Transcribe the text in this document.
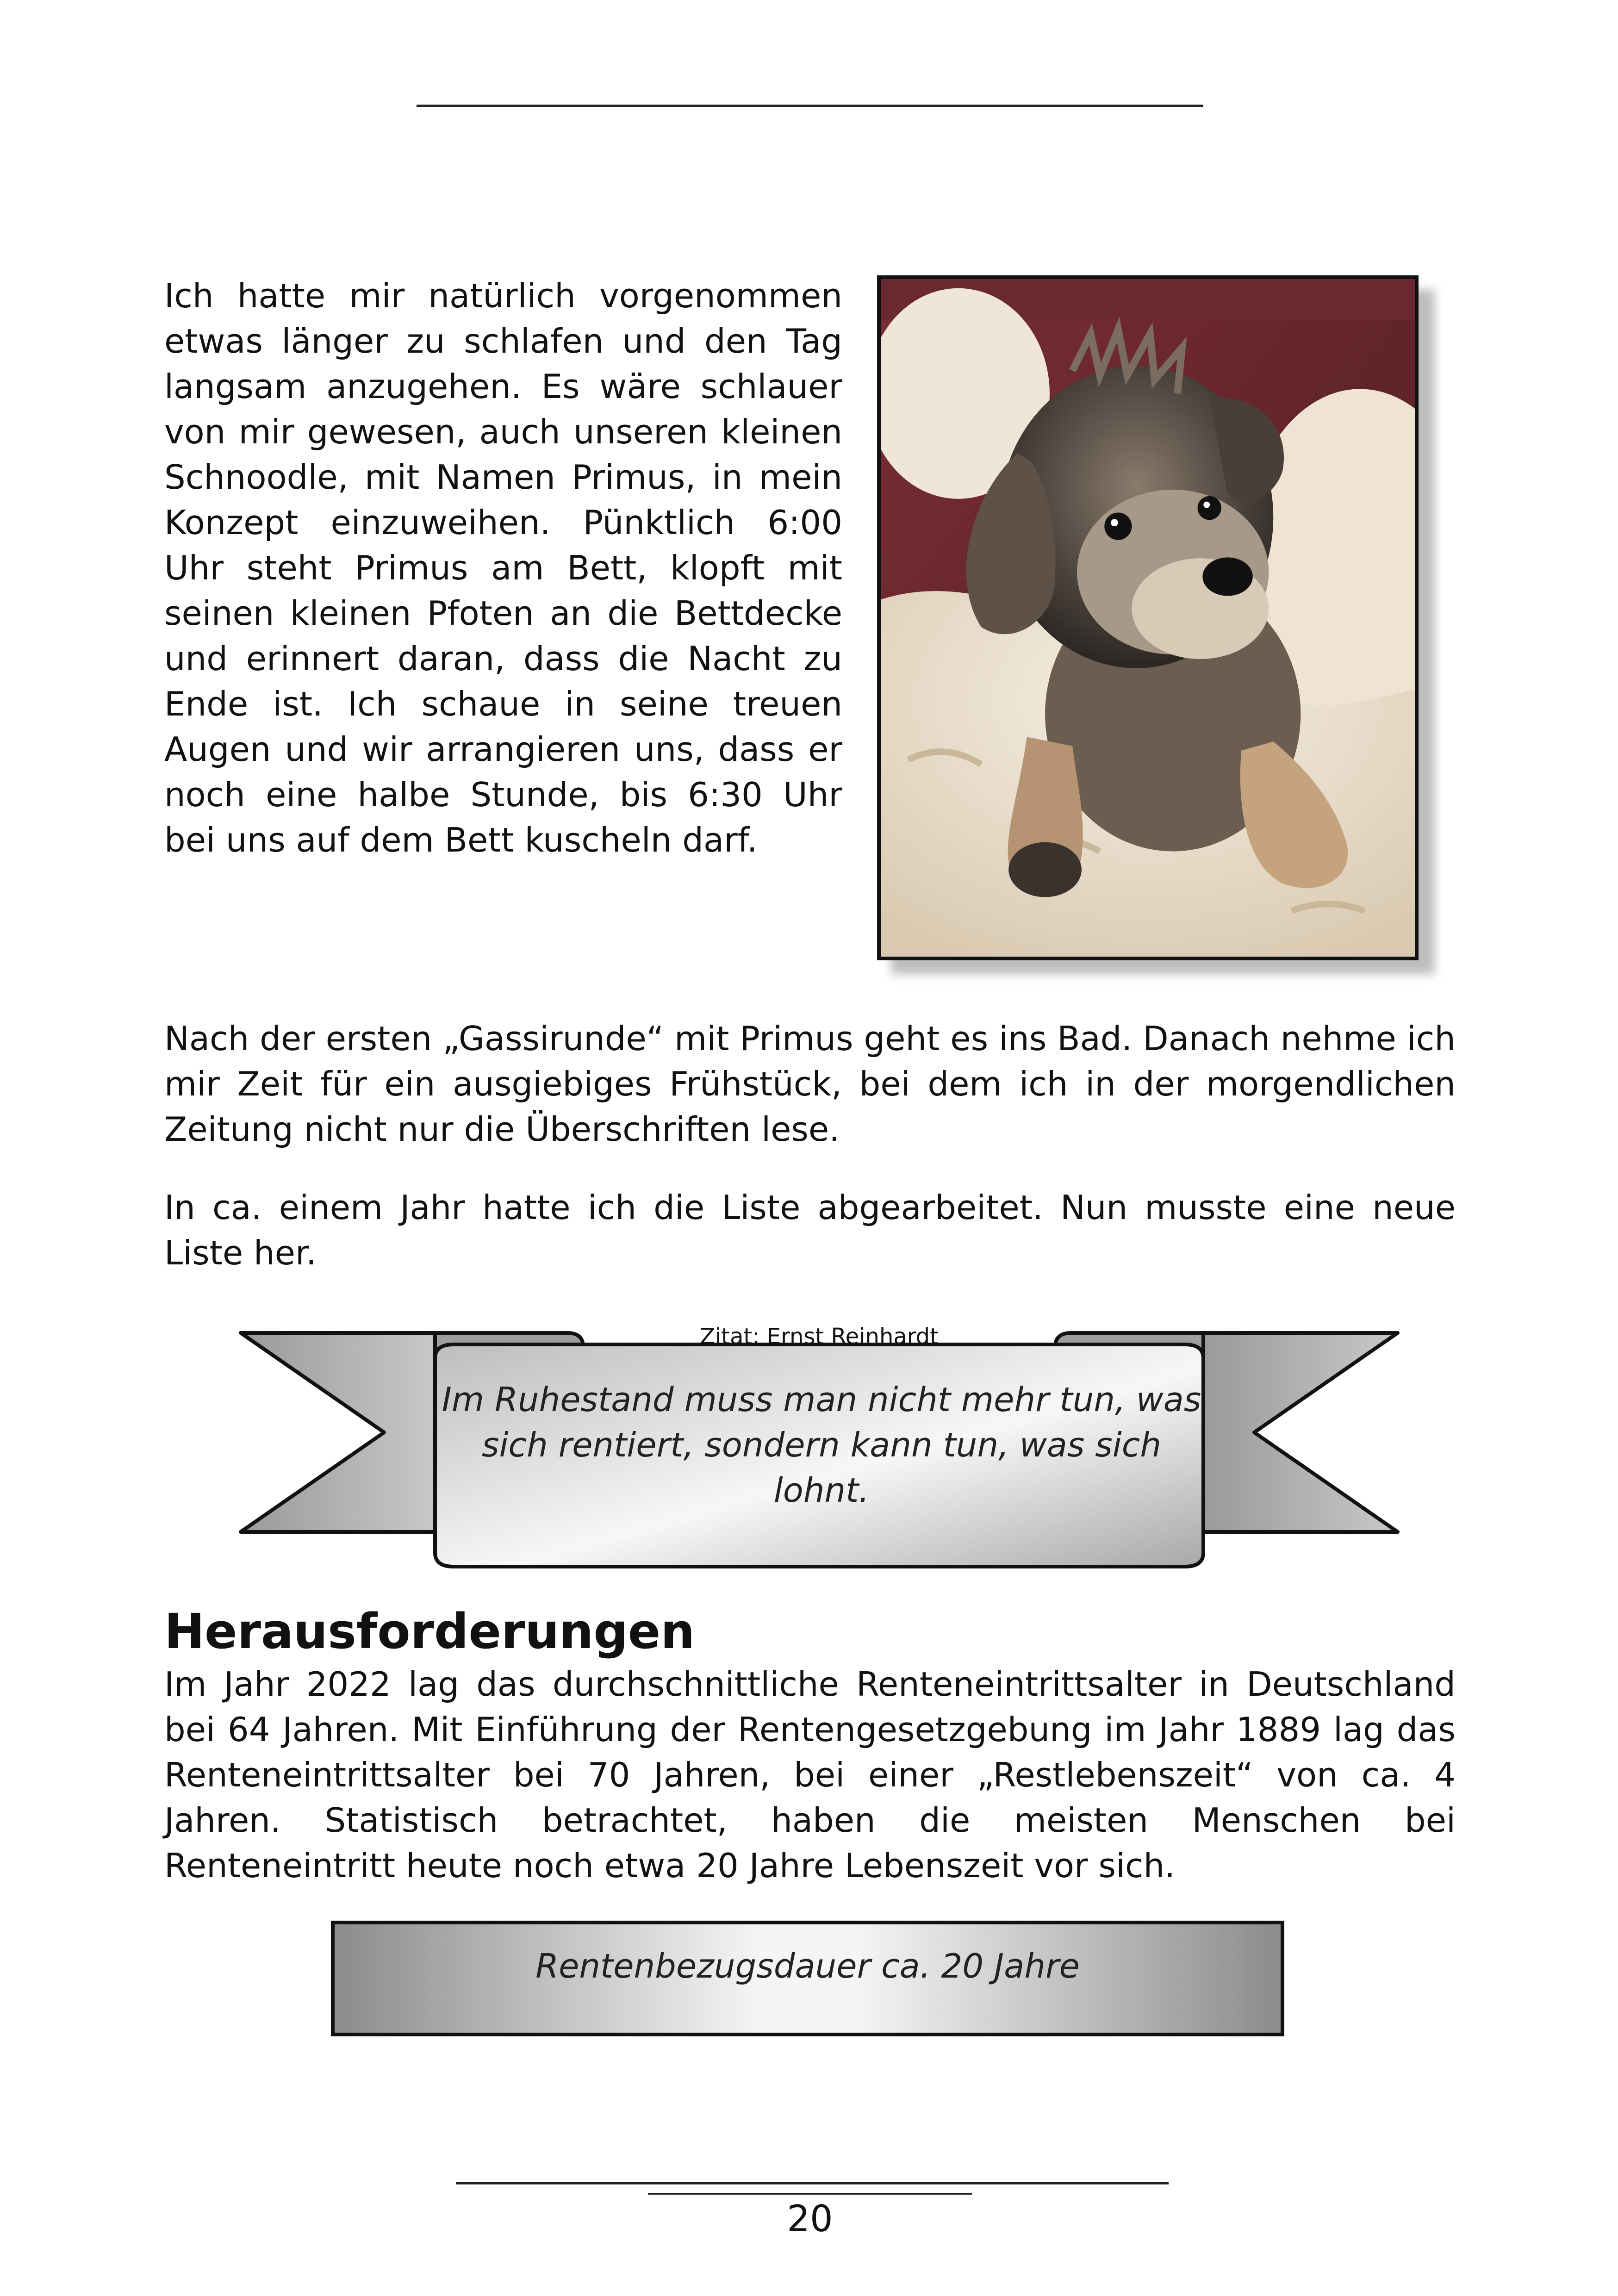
Ich hatte mir natürlich vorgenommen etwas länger zu schlafen und den Tag langsam anzugehen. Es wäre schlauer von mir gewesen, auch unseren kleinen Schnoodle, mit Namen Primus, in mein Konzept einzuweihen. Pünktlich 6:00 Uhr steht Primus am Bett, klopft mit seinen kleinen Pfoten an die Bettdecke und erinnert daran, dass die Nacht zu Ende ist. Ich schaue in seine treuen Augen und wir arrangieren uns, dass er noch eine halbe Stunde, bis 6:30 Uhr bei uns auf dem Bett kuscheln darf.

Nach der ersten „Gassirunde“ mit Primus geht es ins Bad. Danach nehme ich mir Zeit für ein ausgiebiges Frühstück, bei dem ich in der morgendlichen Zeitung nicht nur die Überschriften lese.

In ca. einem Jahr hatte ich die Liste abgearbeitet. Nun musste eine neue Liste her.

Zitat: Ernst Reinhardt
Im Ruhestand muss man nicht mehr tun, was sich rentiert, sondern kann tun, was sich lohnt.
Herausforderungen

Im Jahr 2022 lag das durchschnittliche Renteneintrittsalter in Deutschland bei 64 Jahren. Mit Einführung der Rentengesetzgebung im Jahr 1889 lag das Renteneintrittsalter bei 70 Jahren, bei einer „Restlebenszeit“ von ca. 4 Jahren. Statistisch betrachtet, haben die meisten Menschen bei Renteneintritt heute noch etwa 20 Jahre Lebenszeit vor sich.

Rentenbezugsdauer ca. 20 Jahre
20
